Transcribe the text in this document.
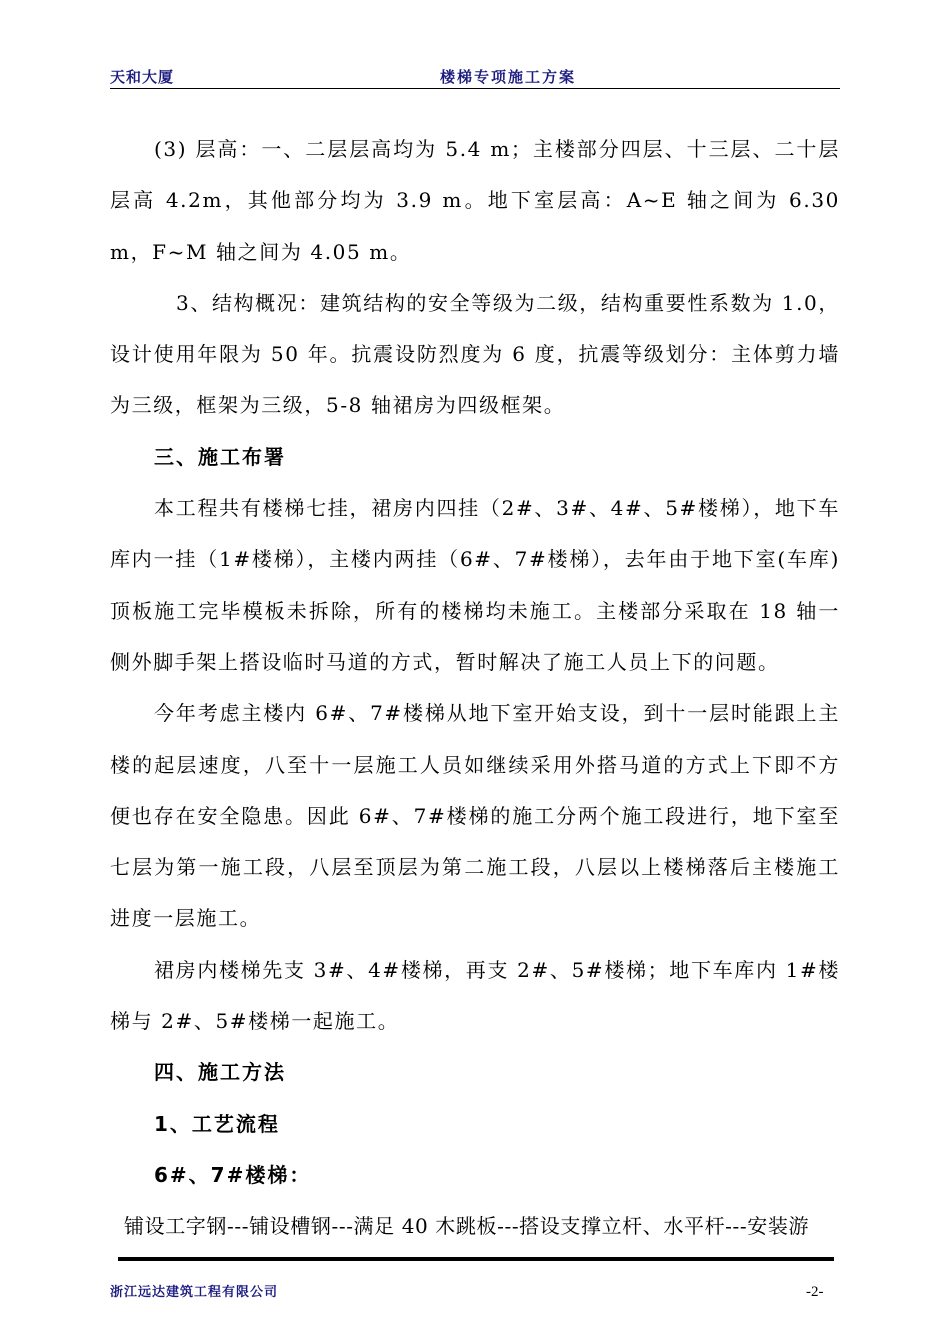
天和大厦	楼梯专项施工方案

(3) 层高：一、二层层高均为 5.4 m；主楼部分四层、十三层、二十层层高 4.2m，其他部分均为 3.9 m。地下室层高：A~E 轴之间为 6.30 m，F~M 轴之间为 4.05 m。

3、结构概况：建筑结构的安全等级为二级，结构重要性系数为 1.0，设计使用年限为 50 年。抗震设防烈度为 6 度，抗震等级划分：主体剪力墙为三级，框架为三级，5-8 轴裙房为四级框架。

三、施工布署

本工程共有楼梯七挂，裙房内四挂（2#、3#、4#、5#楼梯），地下车库内一挂（1#楼梯），主楼内两挂（6#、7#楼梯），去年由于地下室(车库) 顶板施工完毕模板未拆除，所有的楼梯均未施工。主楼部分采取在 18 轴一侧外脚手架上搭设临时马道的方式，暂时解决了施工人员上下的问题。

今年考虑主楼内 6#、7#楼梯从地下室开始支设，到十一层时能跟上主楼的起层速度，八至十一层施工人员如继续采用外搭马道的方式上下即不方便也存在安全隐患。因此 6#、7#楼梯的施工分两个施工段进行，地下室至七层为第一施工段，八层至顶层为第二施工段，八层以上楼梯落后主楼施工进度一层施工。

裙房内楼梯先支 3#、4#楼梯，再支 2#、5#楼梯；地下车库内 1#楼梯与 2#、5#楼梯一起施工。

四、施工方法

1、工艺流程

6#、7#楼梯：

铺设工字钢---铺设槽钢---满足 40 木跳板---搭设支撑立杆、水平杆---安装游

浙江远达建筑工程有限公司	-2-
